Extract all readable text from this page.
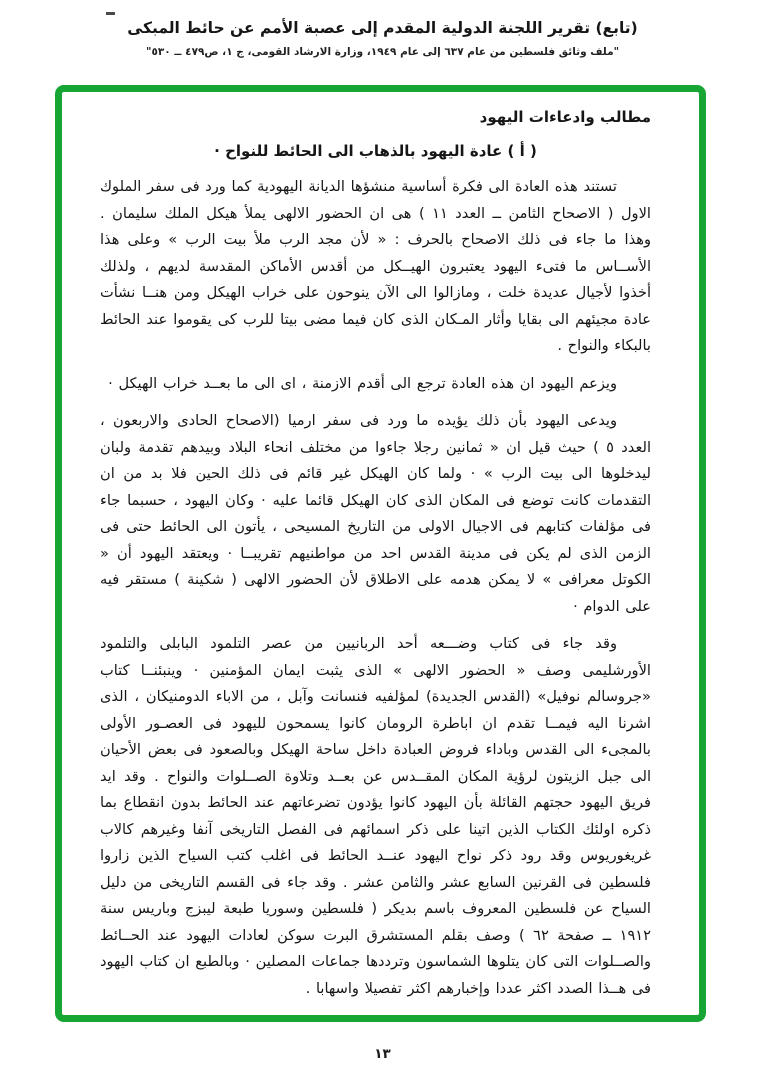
(تابع) تقرير اللجنة الدولية المقدم إلى عصبة الأمم عن حائط المبكى
"ملف وثائق فلسطين من عام ٦٣٧ إلى عام ١٩٤٩، وزارة الارشاد القومى، ج ١، ص٤٧٩ ــ ٥٣٠"
مطالب وادعاءات اليهود
( أ ) عادة اليهود بالذهاب الى الحائط للنواح ·

تستند هذه العادة الى فكرة أساسية منشؤها الديانة اليهودية كما ورد فى سفر الملوك الاول ( الاصحاح الثامن ــ العدد ١١ ) هى ان الحضور الالهى يملأ هيكل الملك سليمان . وهذا ما جاء فى ذلك الاصحاح بالحرف : « لأن مجد الرب ملأ بيت الرب » وعلى هذا الأســاس ما فتىء اليهود يعتبرون الهيــكل من أقدس الأماكن المقدسة لديهم ، ولذلك أخذوا لأجيال عديدة خلت ، ومازالوا الى الآن ينوحون على خراب الهيكل ومن هنــا نشأت عادة مجيئهم الى بقايا وأثار المـكان الذى كان فيما مضى بيتا للرب كى يقوموا عند الحائط بالبكاء والنواح .

ويزعم اليهود ان هذه العادة ترجع الى أقدم الازمنة ، اى الى ما بعــد خراب الهيكل ·

ويدعى اليهود بأن ذلك يؤيده ما ورد فى سفر ارميا (الاصحاح الحادى والاربعون ، العدد ٥ ) حيث قيل ان « ثمانين رجلا جاءوا من مختلف انحاء البلاد وبيدهم تقدمة ولبان ليدخلوها الى بيت الرب » · ولما كان الهيكل غير قائم فى ذلك الحين فلا بد من ان التقدمات كانت توضع فى المكان الذى كان الهيكل قائما عليه · وكان اليهود ، حسبما جاء فى مؤلفات كتابهم فى الاجيال الاولى من التاريخ المسيحى ، يأتون الى الحائط حتى فى الزمن الذى لم يكن فى مدينة القدس احد من مواطنيهم تقريبــا · ويعتقد اليهود أن « الكوتل معرافى » لا يمكن هدمه على الاطلاق لأن الحضور الالهى ( شكينة ) مستقر فيه على الدوام ·

وقد جاء فى كتاب وضـــعه أحد الربانيين من عصر التلمود البابلى والتلمود الأورشليمى وصف « الحضور الالهى » الذى يثبت ايمان المؤمنين · وينبئنــا كتاب «جروسالم نوفيل» (القدس الجديدة) لمؤلفيه فنسانت وآبل ، من الاباء الدومنيكان ، الذى اشرنا اليه فيمــا تقدم ان اباطرة الرومان كانوا يسمحون لليهود فى العصـور الأولى بالمجىء الى القدس وباداء فروض العبادة داخل ساحة الهيكل وبالصعود فى بعض الأحيان الى جبل الزيتون لرؤية المكان المقــدس عن بعــد وتلاوة الصــلوات والنواح . وقد ايد فريق اليهود حجتهم القائلة بأن اليهود كانوا يؤدون تضرعاتهم عند الحائط بدون انقطاع بما ذكره اولئك الكتاب الذين اتينا على ذكر اسمائهم فى الفصل التاريخى آنفا وغيرهم كالاب غريغوريوس وقد رود ذكر نواح اليهود عنــد الحائط فى اغلب كتب السياح الذين زاروا فلسطين فى القرنين السابع عشر والثامن عشر . وقد جاء فى القسم التاريخى من دليل السياح عن فلسطين المعروف باسم بديكر ( فلسطين وسوريا طبعة ليبزج وباريس سنة ١٩١٢ ــ صفحة ٦٢ ) وصف بقلم المستشرق البرت سوكن لعادات اليهود عند الحــائط والصــلوات التى كان يتلوها الشماسون وترددها جماعات المصلين · وبالطبع ان كتاب اليهود فى هــذا الصدد اكثر عددا وإخبارهم اكثر تفصيلا واسهابا .

١٣
